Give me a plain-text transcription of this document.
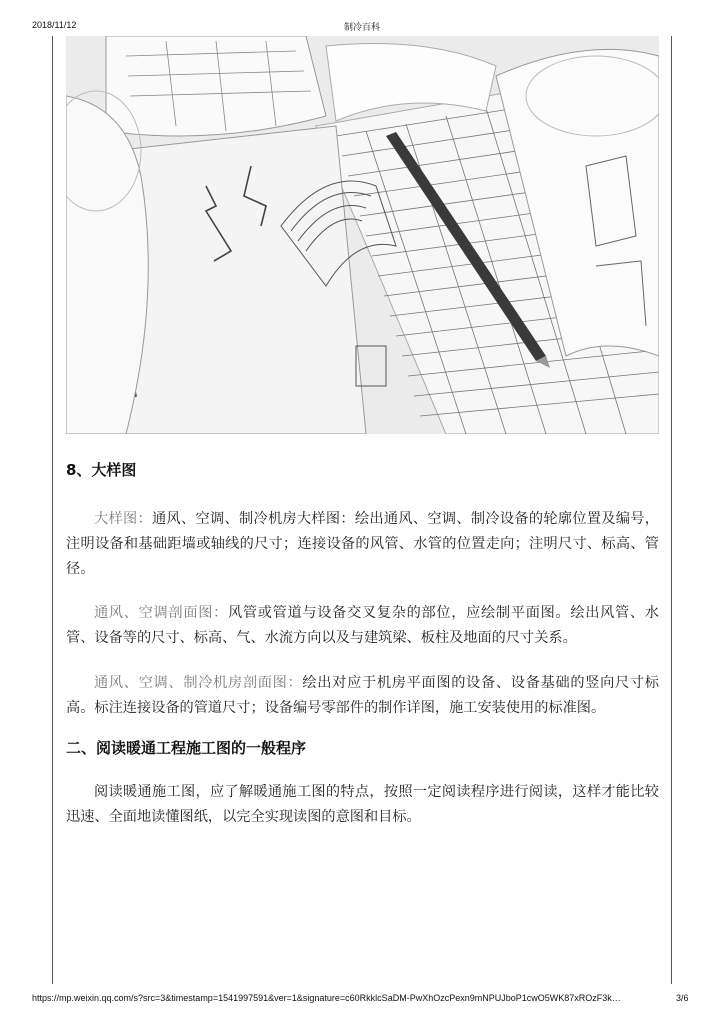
2018/11/12	制冷百科
8、大样图

大样图：通风、空调、制冷机房大样图：绘出通风、空调、制冷设备的轮廓位置及编号，注明设备和基础距墙或轴线的尺寸；连接设备的风管、水管的位置走向；注明尺寸、标高、管径。

通风、空调剖面图：风管或管道与设备交叉复杂的部位，应绘制平面图。绘出风管、水管、设备等的尺寸、标高、气、水流方向以及与建筑梁、板柱及地面的尺寸关系。

通风、空调、制冷机房剖面图：绘出对应于机房平面图的设备、设备基础的竖向尺寸标高。标注连接设备的管道尺寸；设备编号零部件的制作详图，施工安装使用的标准图。

二、阅读暖通工程施工图的一般程序

阅读暖通施工图，应了解暖通施工图的特点，按照一定阅读程序进行阅读，这样才能比较迅速、全面地读懂图纸，以完全实现读图的意图和目标。

https://mp.weixin.qq.com/s?src=3&timestamp=1541997591&ver=1&signature=c60RkklcSaDM-PwXhOzcPexn9mNPUJboP1cwO5WK87xROzF3k…	3/6
